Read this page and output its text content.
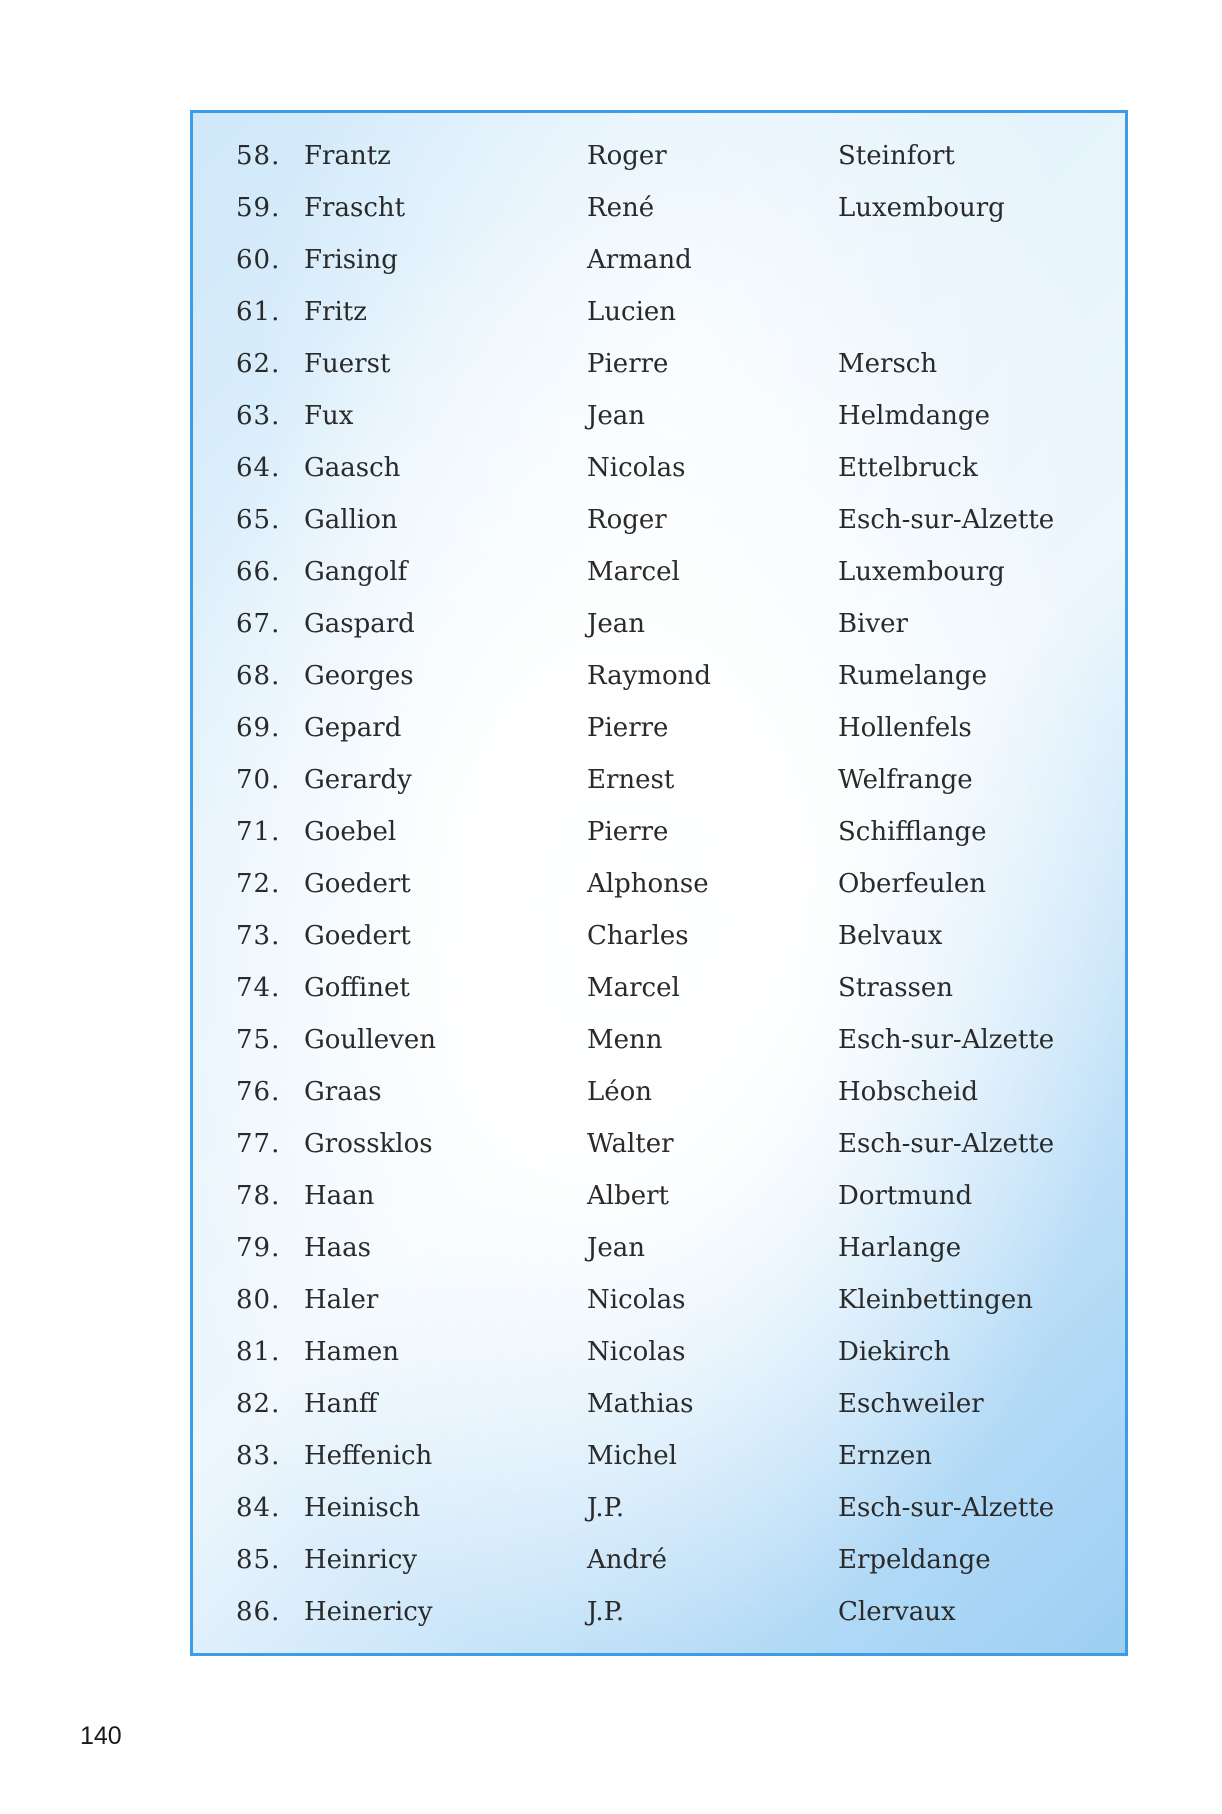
58. Frantz	Roger	Steinfort
59. Frascht	René	Luxembourg
60. Frising	Armand
61. Fritz	Lucien
62. Fuerst	Pierre	Mersch
63. Fux	Jean	Helmdange
64. Gaasch	Nicolas	Ettelbruck
65. Gallion	Roger	Esch-sur-Alzette
66. Gangolf	Marcel	Luxembourg
67. Gaspard	Jean	Biver
68. Georges	Raymond	Rumelange
69. Gepard	Pierre	Hollenfels
70. Gerardy	Ernest	Welfrange
71. Goebel	Pierre	Schifflange
72. Goedert	Alphonse	Oberfeulen
73. Goedert	Charles	Belvaux
74. Goffinet	Marcel	Strassen
75. Goulleven	Menn	Esch-sur-Alzette
76. Graas	Léon	Hobscheid
77. Grossklos	Walter	Esch-sur-Alzette
78. Haan	Albert	Dortmund
79. Haas	Jean	Harlange
80. Haler	Nicolas	Kleinbettingen
81. Hamen	Nicolas	Diekirch
82. Hanff	Mathias	Eschweiler
83. Heffenich	Michel	Ernzen
84. Heinisch	J.P.	Esch-sur-Alzette
85. Heinricy	André	Erpeldange
86. Heinericy	J.P.	Clervaux
140
